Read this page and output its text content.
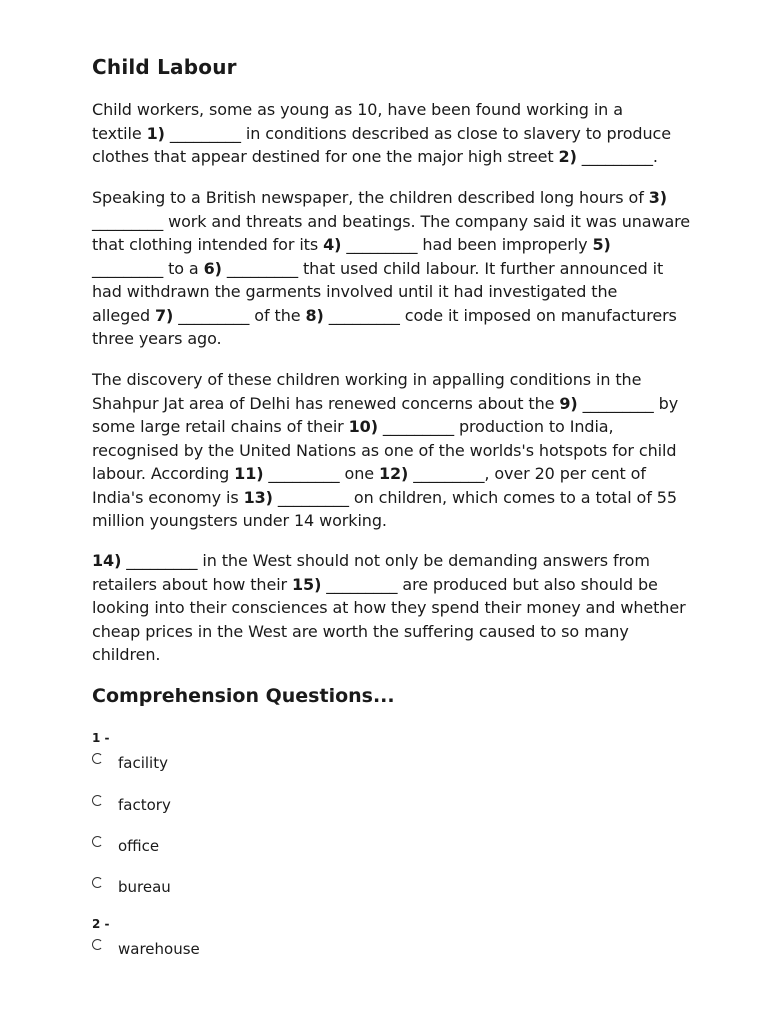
Child Labour
Child workers, some as young as 10, have been found working in a
textile 1) _________ in conditions described as close to slavery to produce
clothes that appear destined for one the major high street 2) _________.
Speaking to a British newspaper, the children described long hours of 3)
_________ work and threats and beatings. The company said it was unaware
that clothing intended for its 4) _________ had been improperly 5)
_________ to a 6) _________ that used child labour. It further announced it
had withdrawn the garments involved until it had investigated the
alleged 7) _________ of the 8) _________ code it imposed on manufacturers
three years ago.
The discovery of these children working in appalling conditions in the
Shahpur Jat area of Delhi has renewed concerns about the 9) _________ by
some large retail chains of their 10) _________ production to India,
recognised by the United Nations as one of the worlds's hotspots for child
labour. According 11) _________ one 12) _________, over 20 per cent of
India's economy is 13) _________ on children, which comes to a total of 55
million youngsters under 14 working.
14) _________ in the West should not only be demanding answers from
retailers about how their 15) _________ are produced but also should be
looking into their consciences at how they spend their money and whether
cheap prices in the West are worth the suffering caused to so many
children.
Comprehension Questions...
1 -
facility
factory
office
bureau
2 -
warehouse
